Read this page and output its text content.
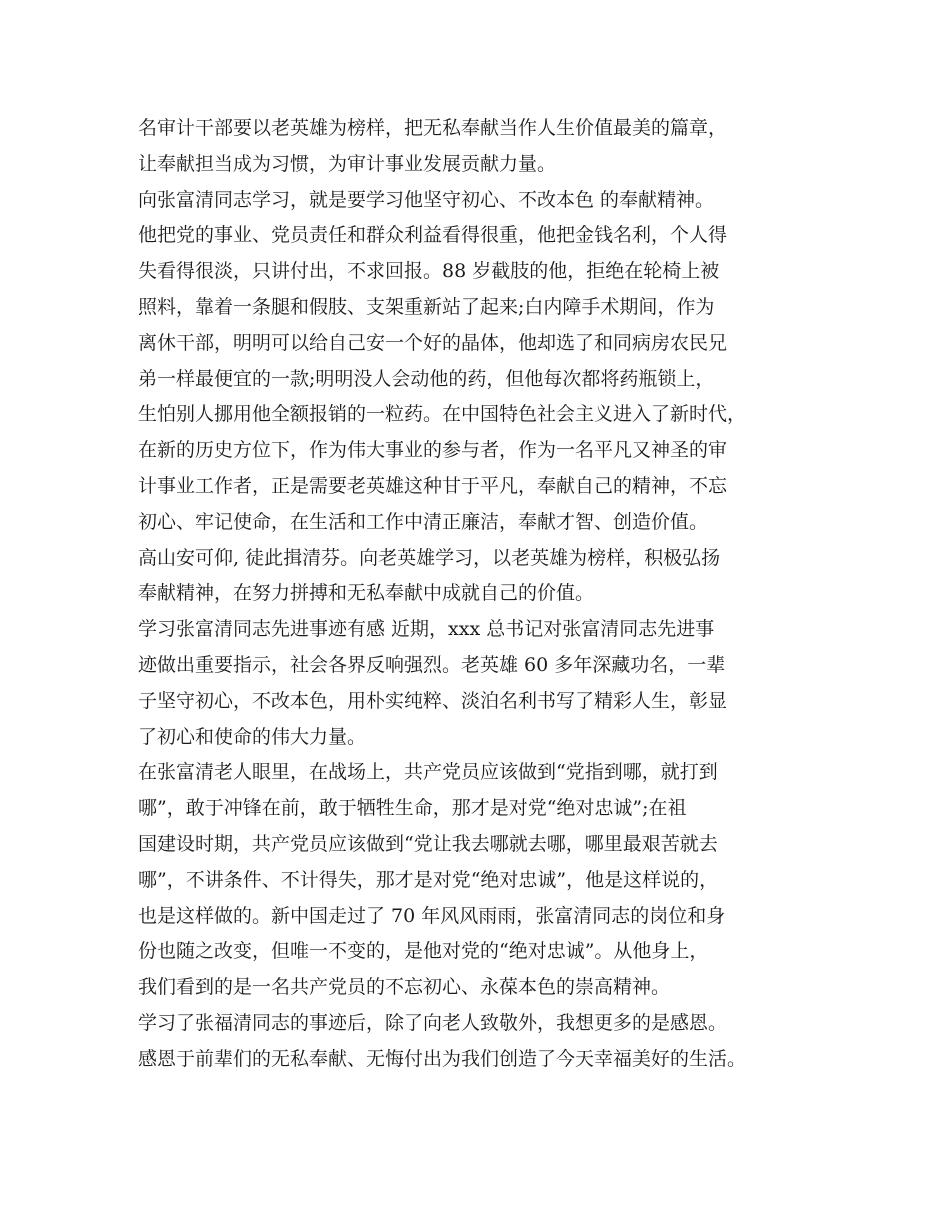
名审计干部要以老英雄为榜样，把无私奉献当作人生价值最美的篇章，
让奉献担当成为习惯，为审计事业发展贡献力量。
向张富清同志学习，就是要学习他坚守初心、不改本色 的奉献精神。
他把党的事业、党员责任和群众利益看得很重，他把金钱名利，个人得
失看得很淡，只讲付出，不求回报。88 岁截肢的他，拒绝在轮椅上被
照料，靠着一条腿和假肢、支架重新站了起来;白内障手术期间，作为
离休干部，明明可以给自己安一个好的晶体，他却选了和同病房农民兄
弟一样最便宜的一款;明明没人会动他的药，但他每次都将药瓶锁上，
生怕别人挪用他全额报销的一粒药。在中国特色社会主义进入了新时代，
在新的历史方位下，作为伟大事业的参与者，作为一名平凡又神圣的审
计事业工作者，正是需要老英雄这种甘于平凡，奉献自己的精神，不忘
初心、牢记使命，在生活和工作中清正廉洁，奉献才智、创造价值。
高山安可仰, 徒此揖清芬。向老英雄学习，以老英雄为榜样，积极弘扬
奉献精神，在努力拼搏和无私奉献中成就自己的价值。
学习张富清同志先进事迹有感 近期，xxx 总书记对张富清同志先进事
迹做出重要指示，社会各界反响强烈。老英雄 60 多年深藏功名，一辈
子坚守初心，不改本色，用朴实纯粹、淡泊名利书写了精彩人生，彰显
了初心和使命的伟大力量。
在张富清老人眼里，在战场上，共产党员应该做到“党指到哪，就打到
哪”，敢于冲锋在前，敢于牺牲生命，那才是对党“绝对忠诚”;在祖
国建设时期，共产党员应该做到“党让我去哪就去哪，哪里最艰苦就去
哪”，不讲条件、不计得失，那才是对党“绝对忠诚”，他是这样说的，
也是这样做的。新中国走过了 70 年风风雨雨，张富清同志的岗位和身
份也随之改变，但唯一不变的，是他对党的“绝对忠诚”。从他身上，
我们看到的是一名共产党员的不忘初心、永葆本色的崇高精神。
学习了张福清同志的事迹后，除了向老人致敬外，我想更多的是感恩。
感恩于前辈们的无私奉献、无悔付出为我们创造了今天幸福美好的生活。
